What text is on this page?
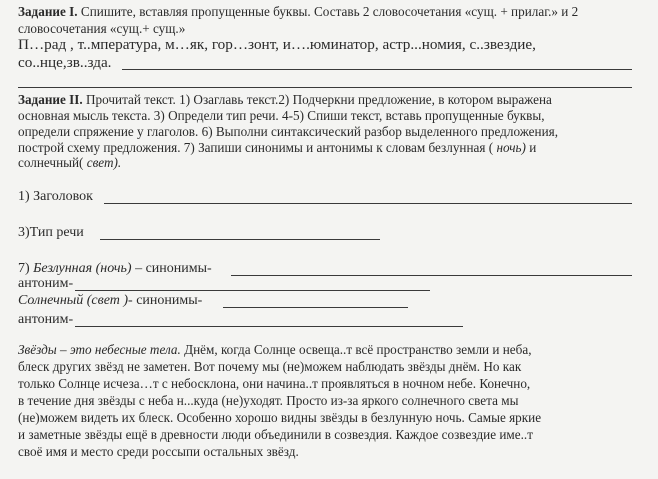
Задание I. Спишите, вставляя пропущенные буквы. Составь 2 словосочетания «сущ. + прилаг.» и 2
словосочетания «сущ.+ сущ.»
П…рад , т..мпература, м…як, гор…зонт, и….юминатор, астр...номия, с..звездие,
со..нце,зв..зда.
Задание II. Прочитай текст. 1) Озаглавь текст.2) Подчеркни предложение, в котором выражена
основная мысль текста. 3) Определи тип речи. 4-5) Спиши текст, вставь пропущенные буквы,
определи спряжение у глаголов. 6) Выполни синтаксический разбор выделенного предложения,
построй схему предложения. 7) Запиши синонимы и антонимы к словам безлунная ( ночь) и
солнечный( свет).
1) Заголовок
3)Тип речи
7) Безлунная (ночь) – синонимы-
антоним-
Солнечный (свет )- синонимы-
антоним-
Звёзды – это небесные тела. Днём, когда Солнце освеща..т всё пространство земли и неба,
блеск других звёзд не заметен. Вот почему мы (не)можем наблюдать звёзды днём. Но как
только Солнце исчеза…т с небосклона, они начина..т проявляться в ночном небе. Конечно,
в течение дня звёзды с неба н...куда (не)уходят. Просто из-за яркого солнечного света мы
(не)можем видеть их блеск. Особенно хорошо видны звёзды в безлунную ночь. Самые яркие
и заметные звёзды ещё в древности люди объединили в созвездия. Каждое созвездие име..т
своё имя и место среди россыпи остальных звёзд.
